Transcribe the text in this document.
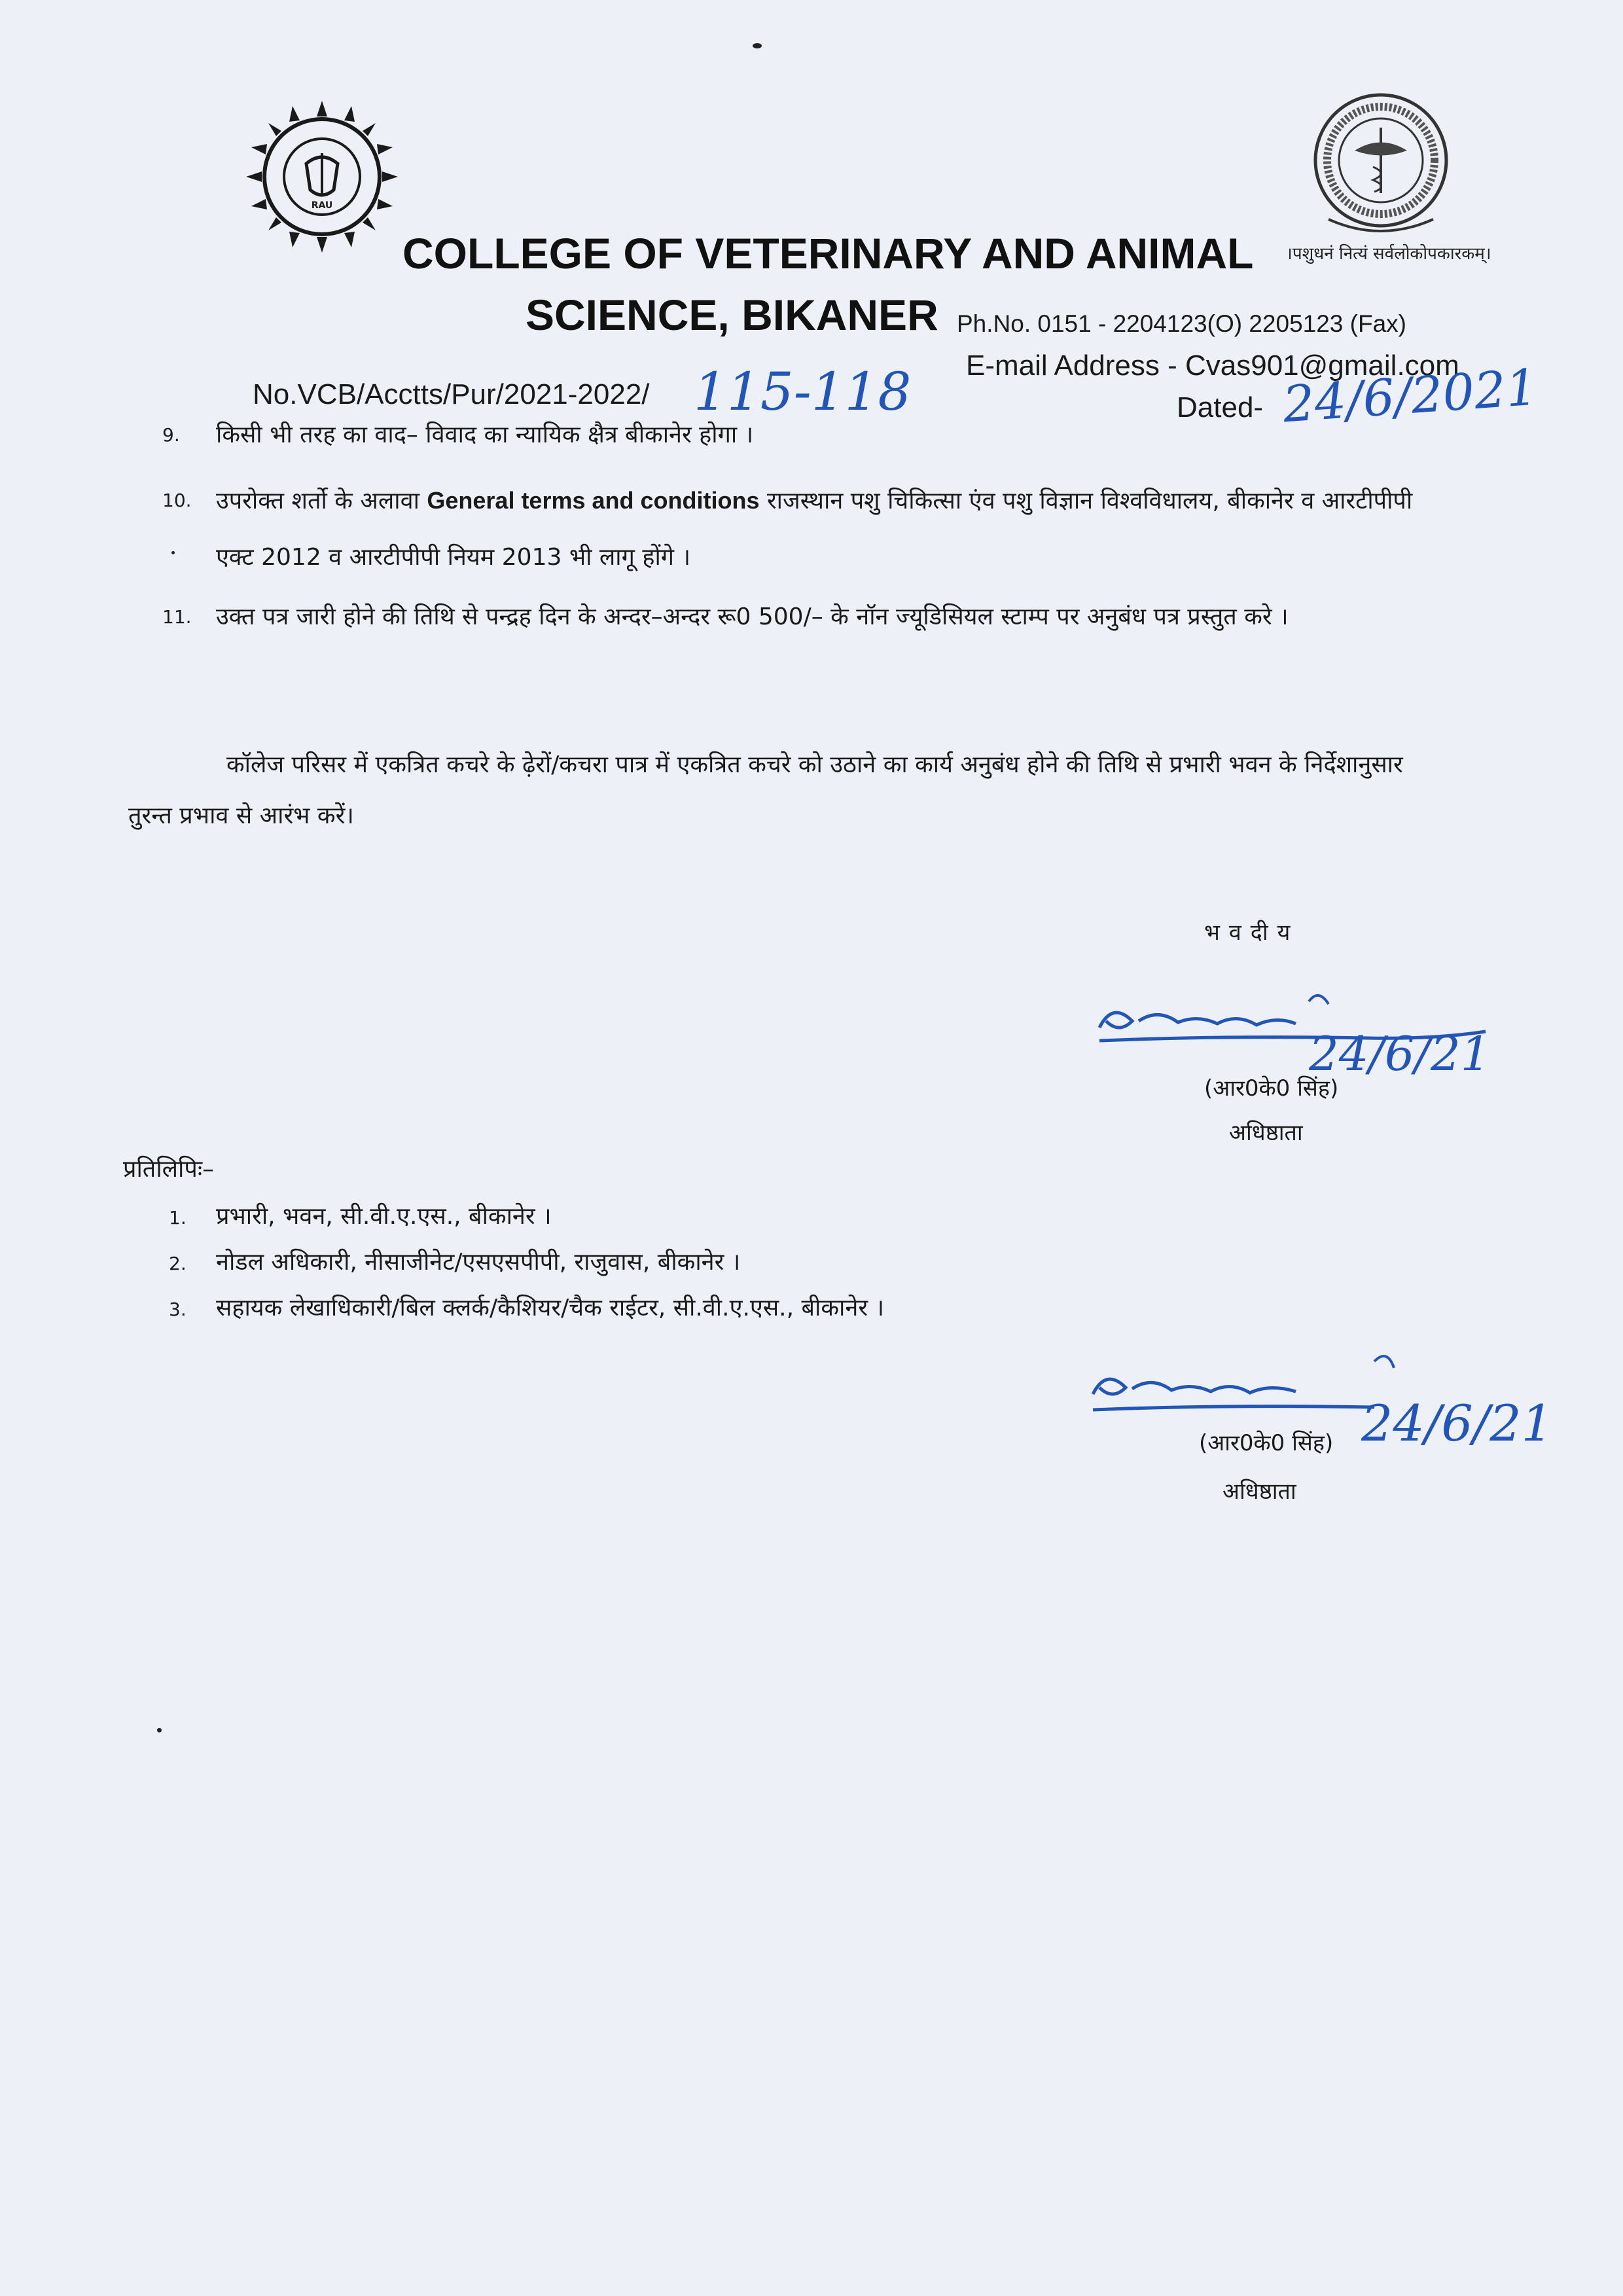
RAU
COLLEGE OF VETERINARY AND ANIMAL
SCIENCE, BIKANER
।पशुधनं नित्यं सर्वलोकोपकारकम्।
Ph.No. 0151 - 2204123(O) 2205123 (Fax)
E-mail Address - Cvas901@gmail.com
No.VCB/Acctts/Pur/2021-2022/ 115-118	Dated- 24/6/2021
9. किसी भी तरह का वाद– विवाद का न्यायिक क्षैत्र बीकानेर होगा ।
10. उपरोक्त शर्तो के अलावा General terms and conditions राजस्थान पशु चिकित्सा एंव पशु विज्ञान विश्वविधालय, बीकानेर व आरटीपीपी एक्ट 2012 व आरटीपीपी नियम 2013 भी लागू होंगे ।
11. उक्त पत्र जारी होने की तिथि से पन्द्रह दिन के अन्दर–अन्दर रू0 500/– के नॉन ज्यूडिसियल स्टाम्प पर अनुबंध पत्र प्रस्तुत करे ।
कॉलेज परिसर में एकत्रित कचरे के ढ़ेरों/कचरा पात्र में एकत्रित कचरे को उठाने का कार्य अनुबंध होने की तिथि से प्रभारी भवन के निर्देशानुसार तुरन्त प्रभाव से आरंभ करें।
भवदीय
24/6/21
(आर0के0 सिंह)
अधिष्ठाता
प्रतिलिपिः–
1. प्रभारी, भवन, सी.वी.ए.एस., बीकानेर ।
2. नोडल अधिकारी, नीसाजीनेट/एसएसपीपी, राजुवास, बीकानेर ।
3. सहायक लेखाधिकारी/बिल क्लर्क/कैशियर/चैक राईटर, सी.वी.ए.एस., बीकानेर ।
24/6/21
(आर0के0 सिंह)
अधिष्ठाता
